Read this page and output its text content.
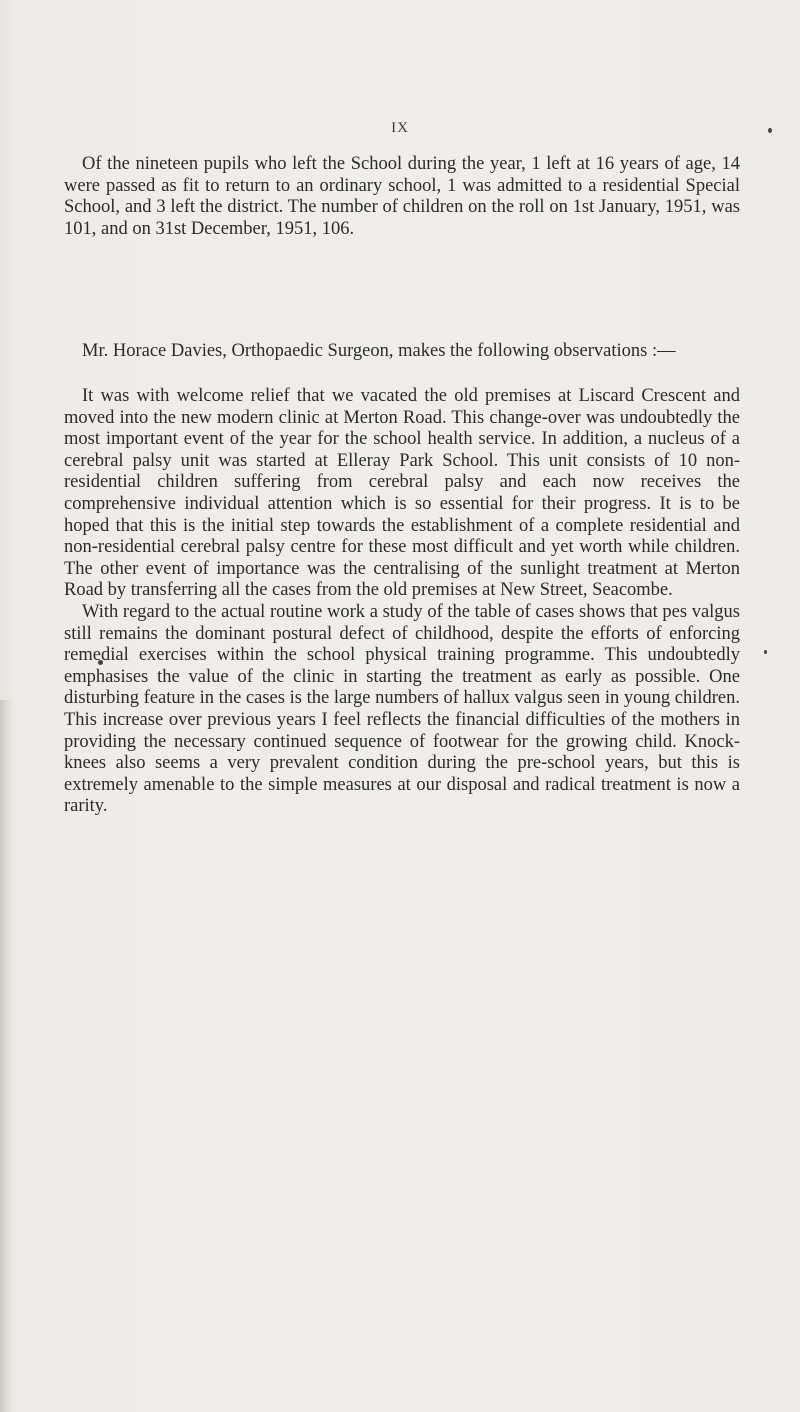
IX

Of the nineteen pupils who left the School during the year, 1 left at 16 years of age, 14 were passed as fit to return to an ordinary school, 1 was admitted to a residential Special School, and 3 left the district. The number of children on the roll on 1st January, 1951, was 101, and on 31st December, 1951, 106.

Mr. Horace Davies, Orthopaedic Surgeon, makes the following observations :—

It was with welcome relief that we vacated the old premises at Liscard Crescent and moved into the new modern clinic at Merton Road. This change-over was undoubtedly the most important event of the year for the school health service. In addition, a nucleus of a cerebral palsy unit was started at Elleray Park School. This unit consists of 10 non-residential children suffering from cerebral palsy and each now receives the comprehensive individual attention which is so essential for their progress. It is to be hoped that this is the initial step towards the establishment of a complete residential and non-residential cerebral palsy centre for these most difficult and yet worth while children. The other event of importance was the centralising of the sunlight treatment at Merton Road by transferring all the cases from the old premises at New Street, Seacombe.

With regard to the actual routine work a study of the table of cases shows that pes valgus still remains the dominant postural defect of childhood, despite the efforts of enforcing remedial exercises within the school physical training programme. This undoubtedly emphasises the value of the clinic in starting the treatment as early as possible. One disturbing feature in the cases is the large numbers of hallux valgus seen in young children. This increase over previous years I feel reflects the financial difficulties of the mothers in providing the necessary continued sequence of footwear for the growing child. Knock-knees also seems a very prevalent condition during the pre-school years, but this is extremely amenable to the simple measures at our disposal and radical treatment is now a rarity.
